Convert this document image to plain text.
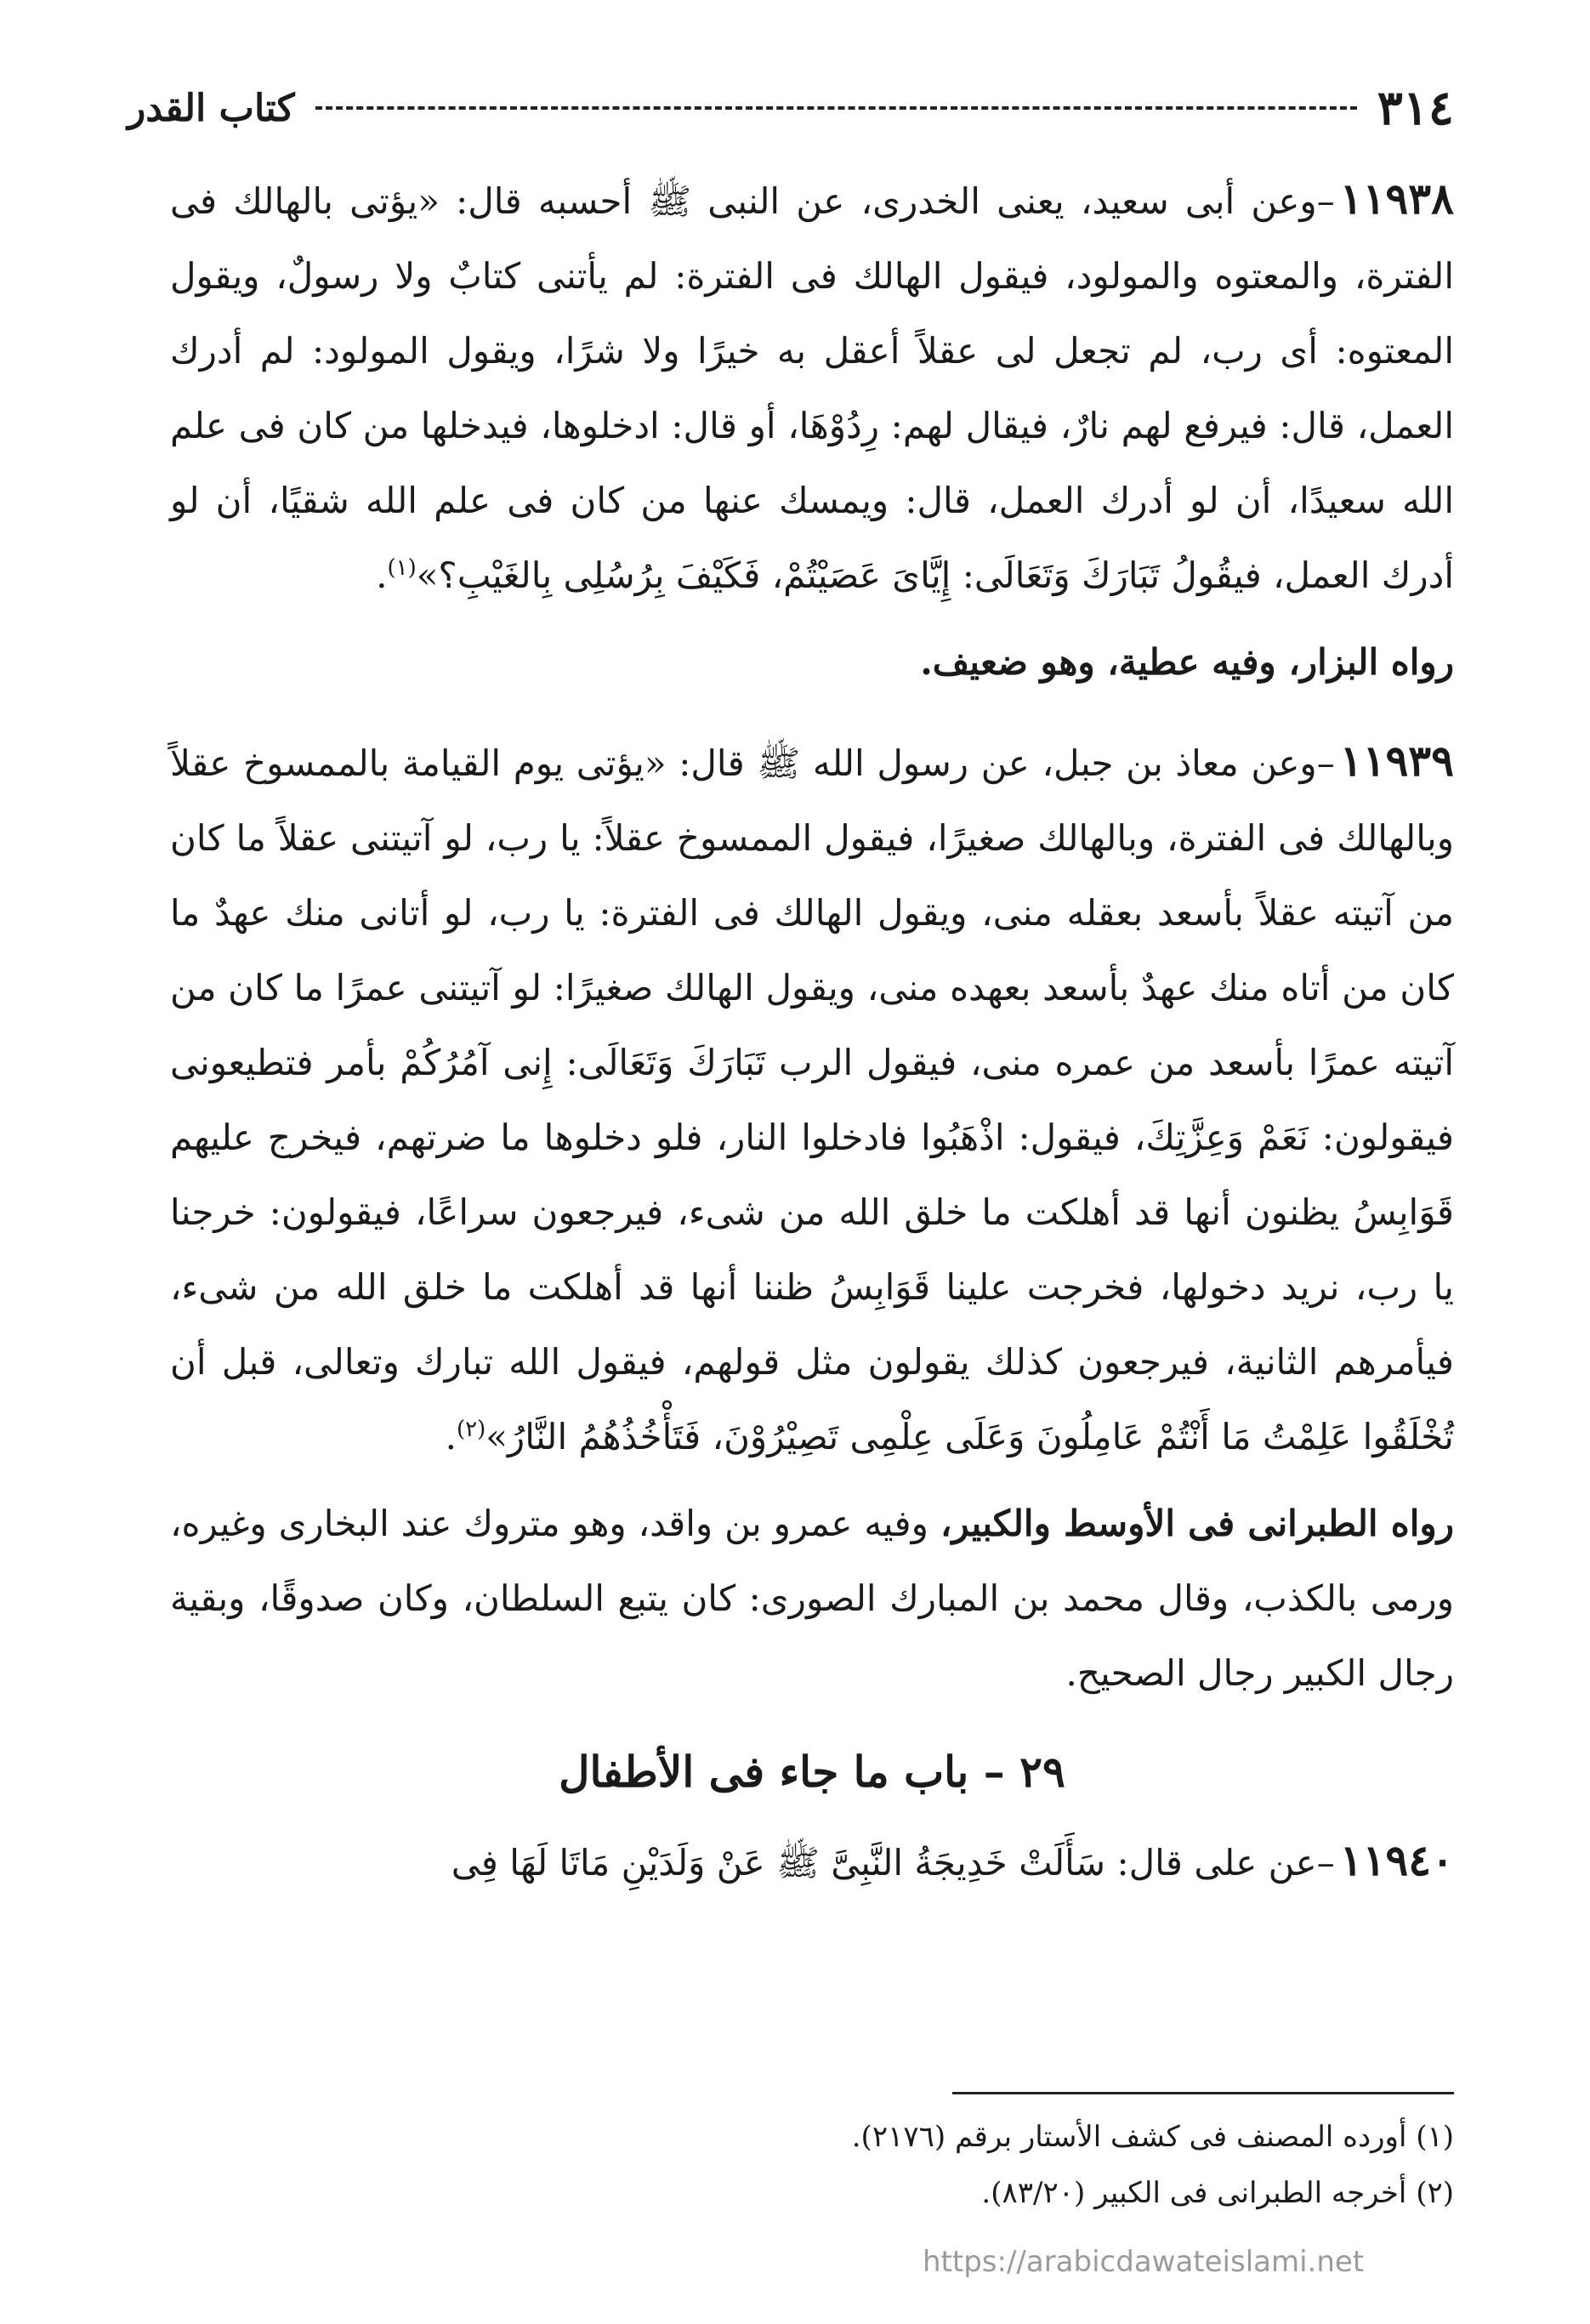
٣١٤
كتاب القدر

١١٩٣٨–وعن أبى سعيد، يعنى الخدرى، عن النبى ﷺ أحسبه قال: «يؤتى بالهالك فى الفترة، والمعتوه والمولود، فيقول الهالك فى الفترة: لم يأتنى كتابٌ ولا رسولٌ، ويقول المعتوه: أى رب، لم تجعل لى عقلاً أعقل به خيرًا ولا شرًا، ويقول المولود: لم أدرك العمل، قال: فيرفع لهم نارٌ، فيقال لهم: رِدُوْهَا، أو قال: ادخلوها، فيدخلها من كان فى علم الله سعيدًا، أن لو أدرك العمل، قال: ويمسك عنها من كان فى علم الله شقيًا، أن لو أدرك العمل، فيقُولُ تَبَارَكَ وَتَعَالَى: إِيَّاىَ عَصَيْتُمْ، فَكَيْفَ بِرُسُلِى بِالغَيْبِ؟»$^{(١)}$.

رواه البزار، وفيه عطية، وهو ضعيف.

١١٩٣٩–وعن معاذ بن جبل، عن رسول الله ﷺ قال: «يؤتى يوم القيامة بالممسوخ عقلاً وبالهالك فى الفترة، وبالهالك صغيرًا، فيقول الممسوخ عقلاً: يا رب، لو آتيتنى عقلاً ما كان من آتيته عقلاً بأسعد بعقله منى، ويقول الهالك فى الفترة: يا رب، لو أتانى منك عهدٌ ما كان من أتاه منك عهدٌ بأسعد بعهده منى، ويقول الهالك صغيرًا: لو آتيتنى عمرًا ما كان من آتيته عمرًا بأسعد من عمره منى، فيقول الرب تَبَارَكَ وَتَعَالَى: إِنى آمُرُكُمْ بأمر فتطيعونى فيقولون: نَعَمْ وَعِزَّتِكَ، فيقول: اذْهَبُوا فادخلوا النار، فلو دخلوها ما ضرتهم، فيخرج عليهم قَوَابِسُ يظنون أنها قد أهلكت ما خلق الله من شىء، فيرجعون سراعًا، فيقولون: خرجنا يا رب، نريد دخولها، فخرجت علينا قَوَابِسُ ظننا أنها قد أهلكت ما خلق الله من شىء، فيأمرهم الثانية، فيرجعون كذلك يقولون مثل قولهم، فيقول الله تبارك وتعالى، قبل أن تُخْلَقُوا عَلِمْتُ مَا أَنْتُمْ عَامِلُونَ وَعَلَى عِلْمِى تَصِيْرُوْنَ، فَتَأْخُذُهُمُ النَّارُ»$^{(٢)}$.

رواه الطبرانى فى الأوسط والكبير، وفيه عمرو بن واقد، وهو متروك عند البخارى وغيره، ورمى بالكذب، وقال محمد بن المبارك الصورى: كان يتبع السلطان، وكان صدوقًا، وبقية رجال الكبير رجال الصحيح.

٢٩ – باب ما جاء فى الأطفال

١١٩٤٠–عن على قال: سَأَلَتْ خَدِيجَةُ النَّبِىَّ ﷺ عَنْ وَلَدَيْنِ مَاتَا لَهَا فِى

(١) أورده المصنف فى كشف الأستار برقم (٢١٧٦).

(٢) أخرجه الطبرانى فى الكبير (٨٣/٢٠).

https://arabicdawateislami.net
